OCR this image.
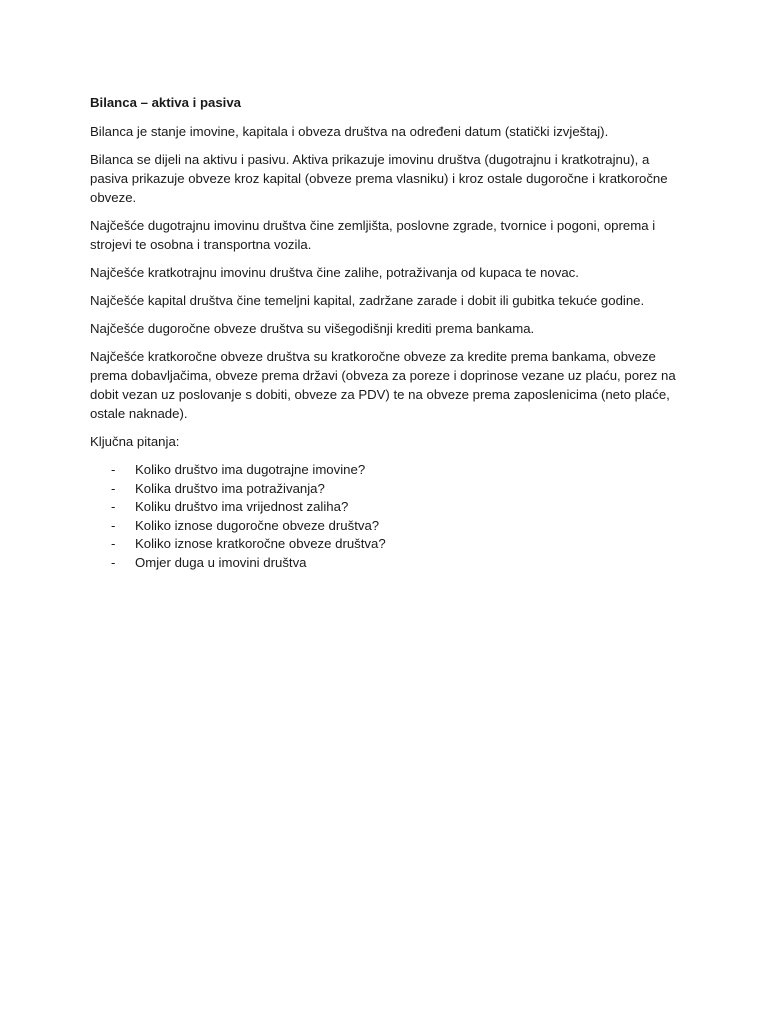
Bilanca – aktiva i pasiva

Bilanca je stanje imovine, kapitala i obveza društva na određeni datum (statički izvještaj).

Bilanca se dijeli na aktivu i pasivu. Aktiva prikazuje imovinu društva (dugotrajnu i kratkotrajnu), a pasiva prikazuje obveze kroz kapital (obveze prema vlasniku) i kroz ostale dugoročne i kratkoročne obveze.

Najčešće dugotrajnu imovinu društva čine zemljišta, poslovne zgrade, tvornice i pogoni, oprema i strojevi te osobna i transportna vozila.

Najčešće kratkotrajnu imovinu društva čine zalihe, potraživanja od kupaca te novac.

Najčešće kapital društva čine temeljni kapital, zadržane zarade i dobit ili gubitka tekuće godine.

Najčešće dugoročne obveze društva su višegodišnji krediti prema bankama.

Najčešće kratkoročne obveze društva su kratkoročne obveze za kredite prema bankama, obveze prema dobavljačima, obveze prema državi (obveza za poreze i doprinose vezane uz plaću, porez na dobit vezan uz poslovanje s dobiti, obveze za PDV) te na obveze prema zaposlenicima (neto plaće, ostale naknade).

Ključna pitanja:

- Koliko društvo ima dugotrajne imovine?
- Kolika društvo ima potraživanja?
- Koliku društvo ima vrijednost zaliha?
- Koliko iznose dugoročne obveze društva?
- Koliko iznose kratkoročne obveze društva?
- Omjer duga u imovini društva
